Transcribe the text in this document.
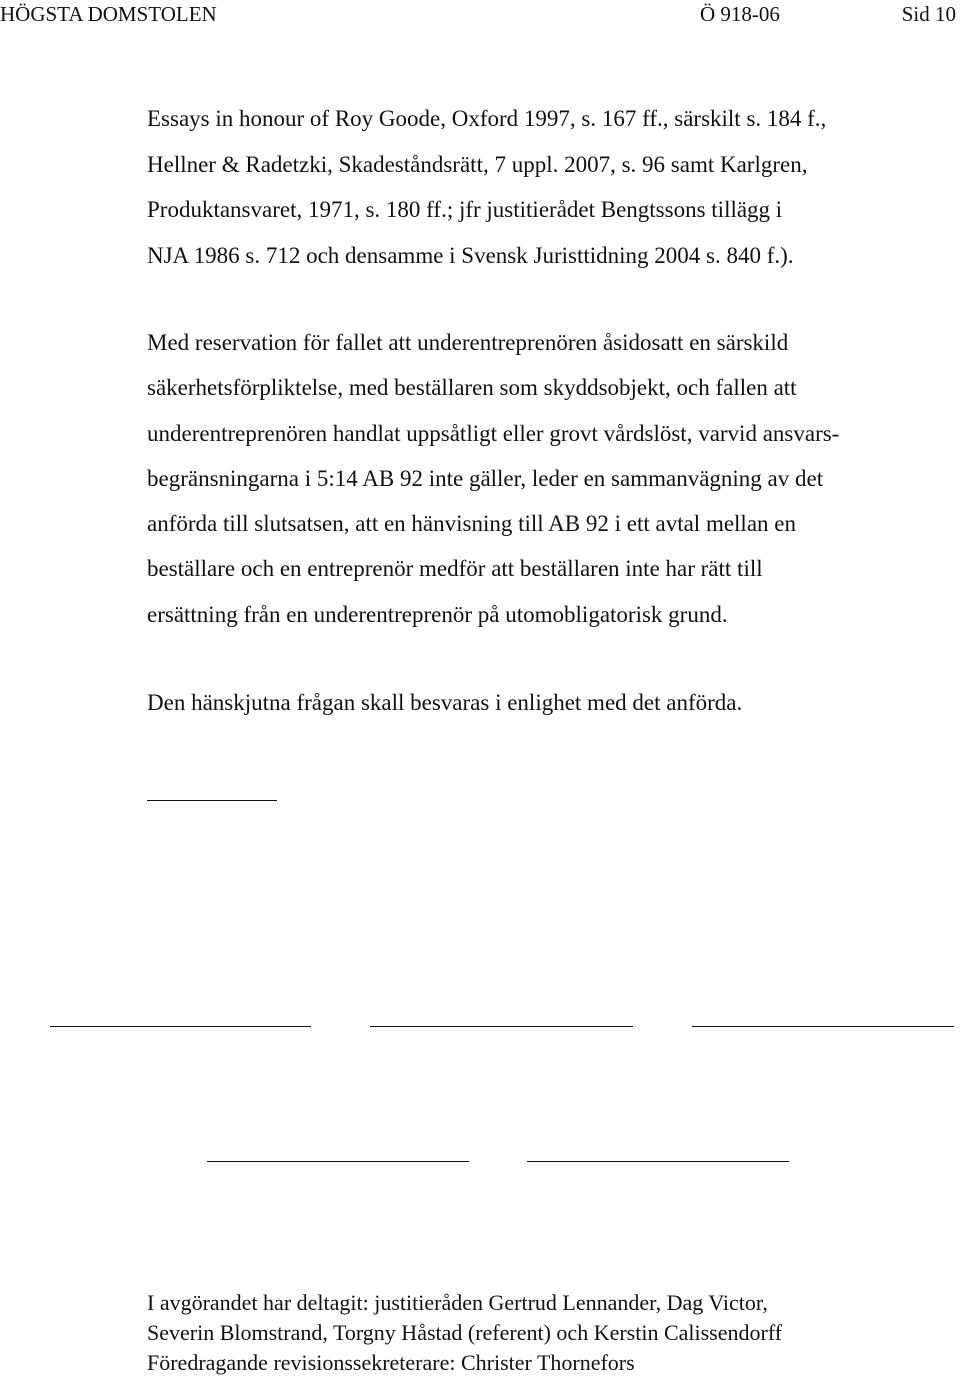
HÖGSTA DOMSTOLEN	Ö 918-06	Sid 10
Essays in honour of Roy Goode, Oxford 1997, s. 167 ff., särskilt s. 184 f.,
Hellner & Radetzki, Skadeståndsrätt, 7 uppl. 2007, s. 96 samt Karlgren,
Produktansvaret, 1971, s. 180 ff.; jfr justitierådet Bengtssons tillägg i
NJA 1986 s. 712 och densamme i Svensk Juristtidning 2004 s. 840 f.).
Med reservation för fallet att underentreprenören åsidosatt en särskild
säkerhetsförpliktelse, med beställaren som skyddsobjekt, och fallen att
underentreprenören handlat uppsåtligt eller grovt vårdslöst, varvid ansvars-
begränsningarna i 5:14 AB 92 inte gäller, leder en sammanvägning av det
anförda till slutsatsen, att en hänvisning till AB 92 i ett avtal mellan en
beställare och en entreprenör medför att beställaren inte har rätt till
ersättning från en underentreprenör på utomobligatorisk grund.
Den hänskjutna frågan skall besvaras i enlighet med det anförda.
I avgörandet har deltagit: justitieråden Gertrud Lennander, Dag Victor,
Severin Blomstrand, Torgny Håstad (referent) och Kerstin Calissendorff
Föredragande revisionssekreterare: Christer Thornefors
